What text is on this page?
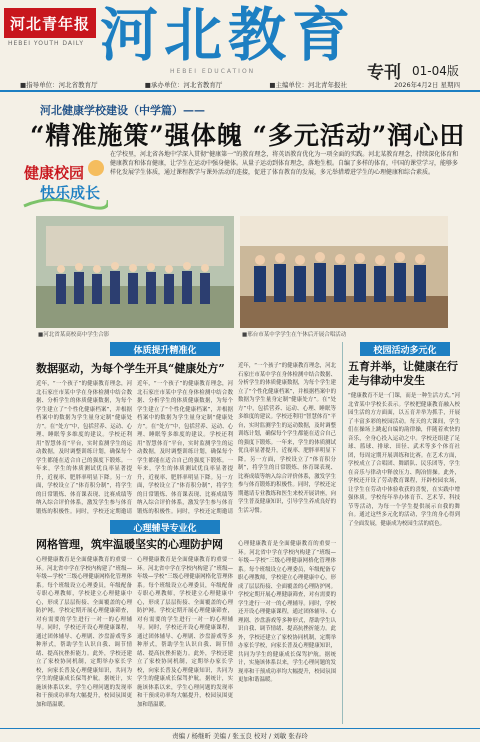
河北青年报
HEBEI YOUTH DAILY 河北教育
HEBEI EDUCATION	专刊 01-04版
■指导单位：河北省教育厅	■承办单位：河北省教育厅	■主编单位：河北青年报社	2026年4月2日 星期四
河北健康学校建设（中学篇）——
“精准施策”强体魄 “多元活动”润心田
健康校园
快乐成长
在学校里，河北省各地中学深入贯彻“健康第一”的教育理念，将英语教育优化为一项全面的实践。河北某教育理念，持续深化体育和健康教育和体育健康，让学生在运动中强身健体。从量子运动到体育理念，落地生根。自编了多样的体育，中国的课堂学习，能够多样化发展学生体质，通过课程教学与课外活动的连接，促进了体育教育的发展，多元举措增进学生的心理健康和综合素质。
■河北省某高校高中学生合影	■邢台市某中学学生在午休后开展合唱活动
体质提升精准化
数据驱动，为每个学生开具“健康处方”
近年，“一个孩子”的健康教育理念，河北石家庄市某中学在身体检测中结合数据、分析学生的体质健康数据，为每个学生建立了“个性化健康档案”，并根据档案中的数据为学生量身定制“健康处方”。在“处方”中，包括营养、运动、心理、睡眠等多维度的建议。学校还利用“智慧体育”平台，实时监测学生的运动数据，及时调整训练计划，确保每个学生都能在适合自己的强度下锻炼。一年来，学生的体质测试优良率显著提升，近视率、肥胖率明显下降。另一方面，学校设立了“体育积分制”，将学生的日常锻炼、体育课表现、比赛成绩等纳入综合评价体系，激发学生参与体育锻炼的积极性。同时，学校还定期邀请
近年，“一个孩子”的健康教育理念，河北石家庄市某中学在身体检测中结合数据、分析学生的体质健康数据，为每个学生建立了“个性化健康档案”，并根据档案中的数据为学生量身定制“健康处方”。在“处方”中，包括营养、运动、心理、睡眠等多维度的建议。学校还利用“智慧体育”平台，实时监测学生的运动数据，及时调整训练计划，确保每个学生都能在适合自己的强度下锻炼。一年来，学生的体质测试优良率显著提升，近视率、肥胖率明显下降。另一方面，学校设立了“体育积分制”，将学生的日常锻炼、体育课表现、比赛成绩等纳入综合评价体系，激发学生参与体育锻炼的积极性。同时，学校还定期邀请
近年，“一个孩子”的健康教育理念，河北石家庄市某中学在身体检测中结合数据、分析学生的体质健康数据，为每个学生建立了“个性化健康档案”，并根据档案中的数据为学生量身定制“健康处方”。在“处方”中，包括营养、运动、心理、睡眠等多维度的建议。学校还利用“智慧体育”平台，实时监测学生的运动数据，及时调整训练计划，确保每个学生都能在适合自己的强度下锻炼。一年来，学生的体质测试优良率显著提升，近视率、肥胖率明显下降。另一方面，学校设立了“体育积分制”，将学生的日常锻炼、体育课表现、比赛成绩等纳入综合评价体系，激发学生参与体育锻炼的积极性。同时，学校还定期邀请专业教练和医生来校开展讲座，向学生普及健康知识，引导学生养成良好的生活习惯。
心理辅导专业化
网格管理，筑牢温暖坚实的心理防护网
心理健康教育是全面健康教育的重要一环。河北省中学在学校内构建了“班级—年级—学校”三级心理健康网格化管理体系。每个班级设立心理委员，年级配备专职心理教师，学校建立心理健康中心，形成了层层衔接、全面覆盖的心理防护网。学校定期开展心理健康筛查，对有需要的学生进行一对一的心理辅导。同时，学校还开设心理健康课程，通过团体辅导、心理剧、沙盘游戏等多种形式，帮助学生认识自我、调节情绪、提高抗挫折能力。此外，学校还建立了家校协同机制，定期举办家长学校，向家长普及心理健康知识，共同为学生的健康成长保驾护航。据统计，实施该体系以来，学生心理问题的发现率和干预成功率均大幅提升，校园氛围更加和谐温暖。
心理健康教育是全面健康教育的重要一环。河北省中学在学校内构建了“班级—年级—学校”三级心理健康网格化管理体系。每个班级设立心理委员，年级配备专职心理教师，学校建立心理健康中心，形成了层层衔接、全面覆盖的心理防护网。学校定期开展心理健康筛查，对有需要的学生进行一对一的心理辅导。同时，学校还开设心理健康课程，通过团体辅导、心理剧、沙盘游戏等多种形式，帮助学生认识自我、调节情绪、提高抗挫折能力。此外，学校还建立了家校协同机制，定期举办家长学校，向家长普及心理健康知识，共同为学生的健康成长保驾护航。据统计，实施该体系以来，学生心理问题的发现率和干预成功率均大幅提升，校园氛围更加和谐温暖。
心理健康教育是全面健康教育的重要一环。河北省中学在学校内构建了“班级—年级—学校”三级心理健康网格化管理体系。每个班级设立心理委员，年级配备专职心理教师，学校建立心理健康中心，形成了层层衔接、全面覆盖的心理防护网。学校定期开展心理健康筛查，对有需要的学生进行一对一的心理辅导。同时，学校还开设心理健康课程，通过团体辅导、心理剧、沙盘游戏等多种形式，帮助学生认识自我、调节情绪、提高抗挫折能力。此外，学校还建立了家校协同机制，定期举办家长学校，向家长普及心理健康知识，共同为学生的健康成长保驾护航。据统计，实施该体系以来，学生心理问题的发现率和干预成功率均大幅提升，校园氛围更加和谐温暖。
校园活动多元化
五育并举，让健康在行走与律动中发生
“健康教育不是一门课，而是一种生活方式。”河北省某中学校长表示。学校把健康教育融入校园生活的方方面面，以五育并举为抓手，开展了丰富多彩的校园活动。每天的大课间，学生们在操场上跳起自编的韵律操，伴随着欢快的音乐，全身心投入运动之中。学校还组建了足球、篮球、排球、田径、武术等多个体育社团，每周定期开展训练和比赛。在艺术方面，学校成立了合唱团、舞蹈队、民乐团等，学生在音乐与律动中释放压力、陶冶情操。此外，学校还开设了劳动教育课程，开辟校园农场，让学生在劳动中体验收获的喜悦，在实践中增强体质。学校每年举办体育节、艺术节、科技节等活动，为每一个学生提供展示自我的舞台。通过这些多元化的活动，学生的身心得到了全面发展，健康成为校园生活的底色。
责编 / 杨继昕 美编 / 张玉良 校对 / 刘敏 张春玲
